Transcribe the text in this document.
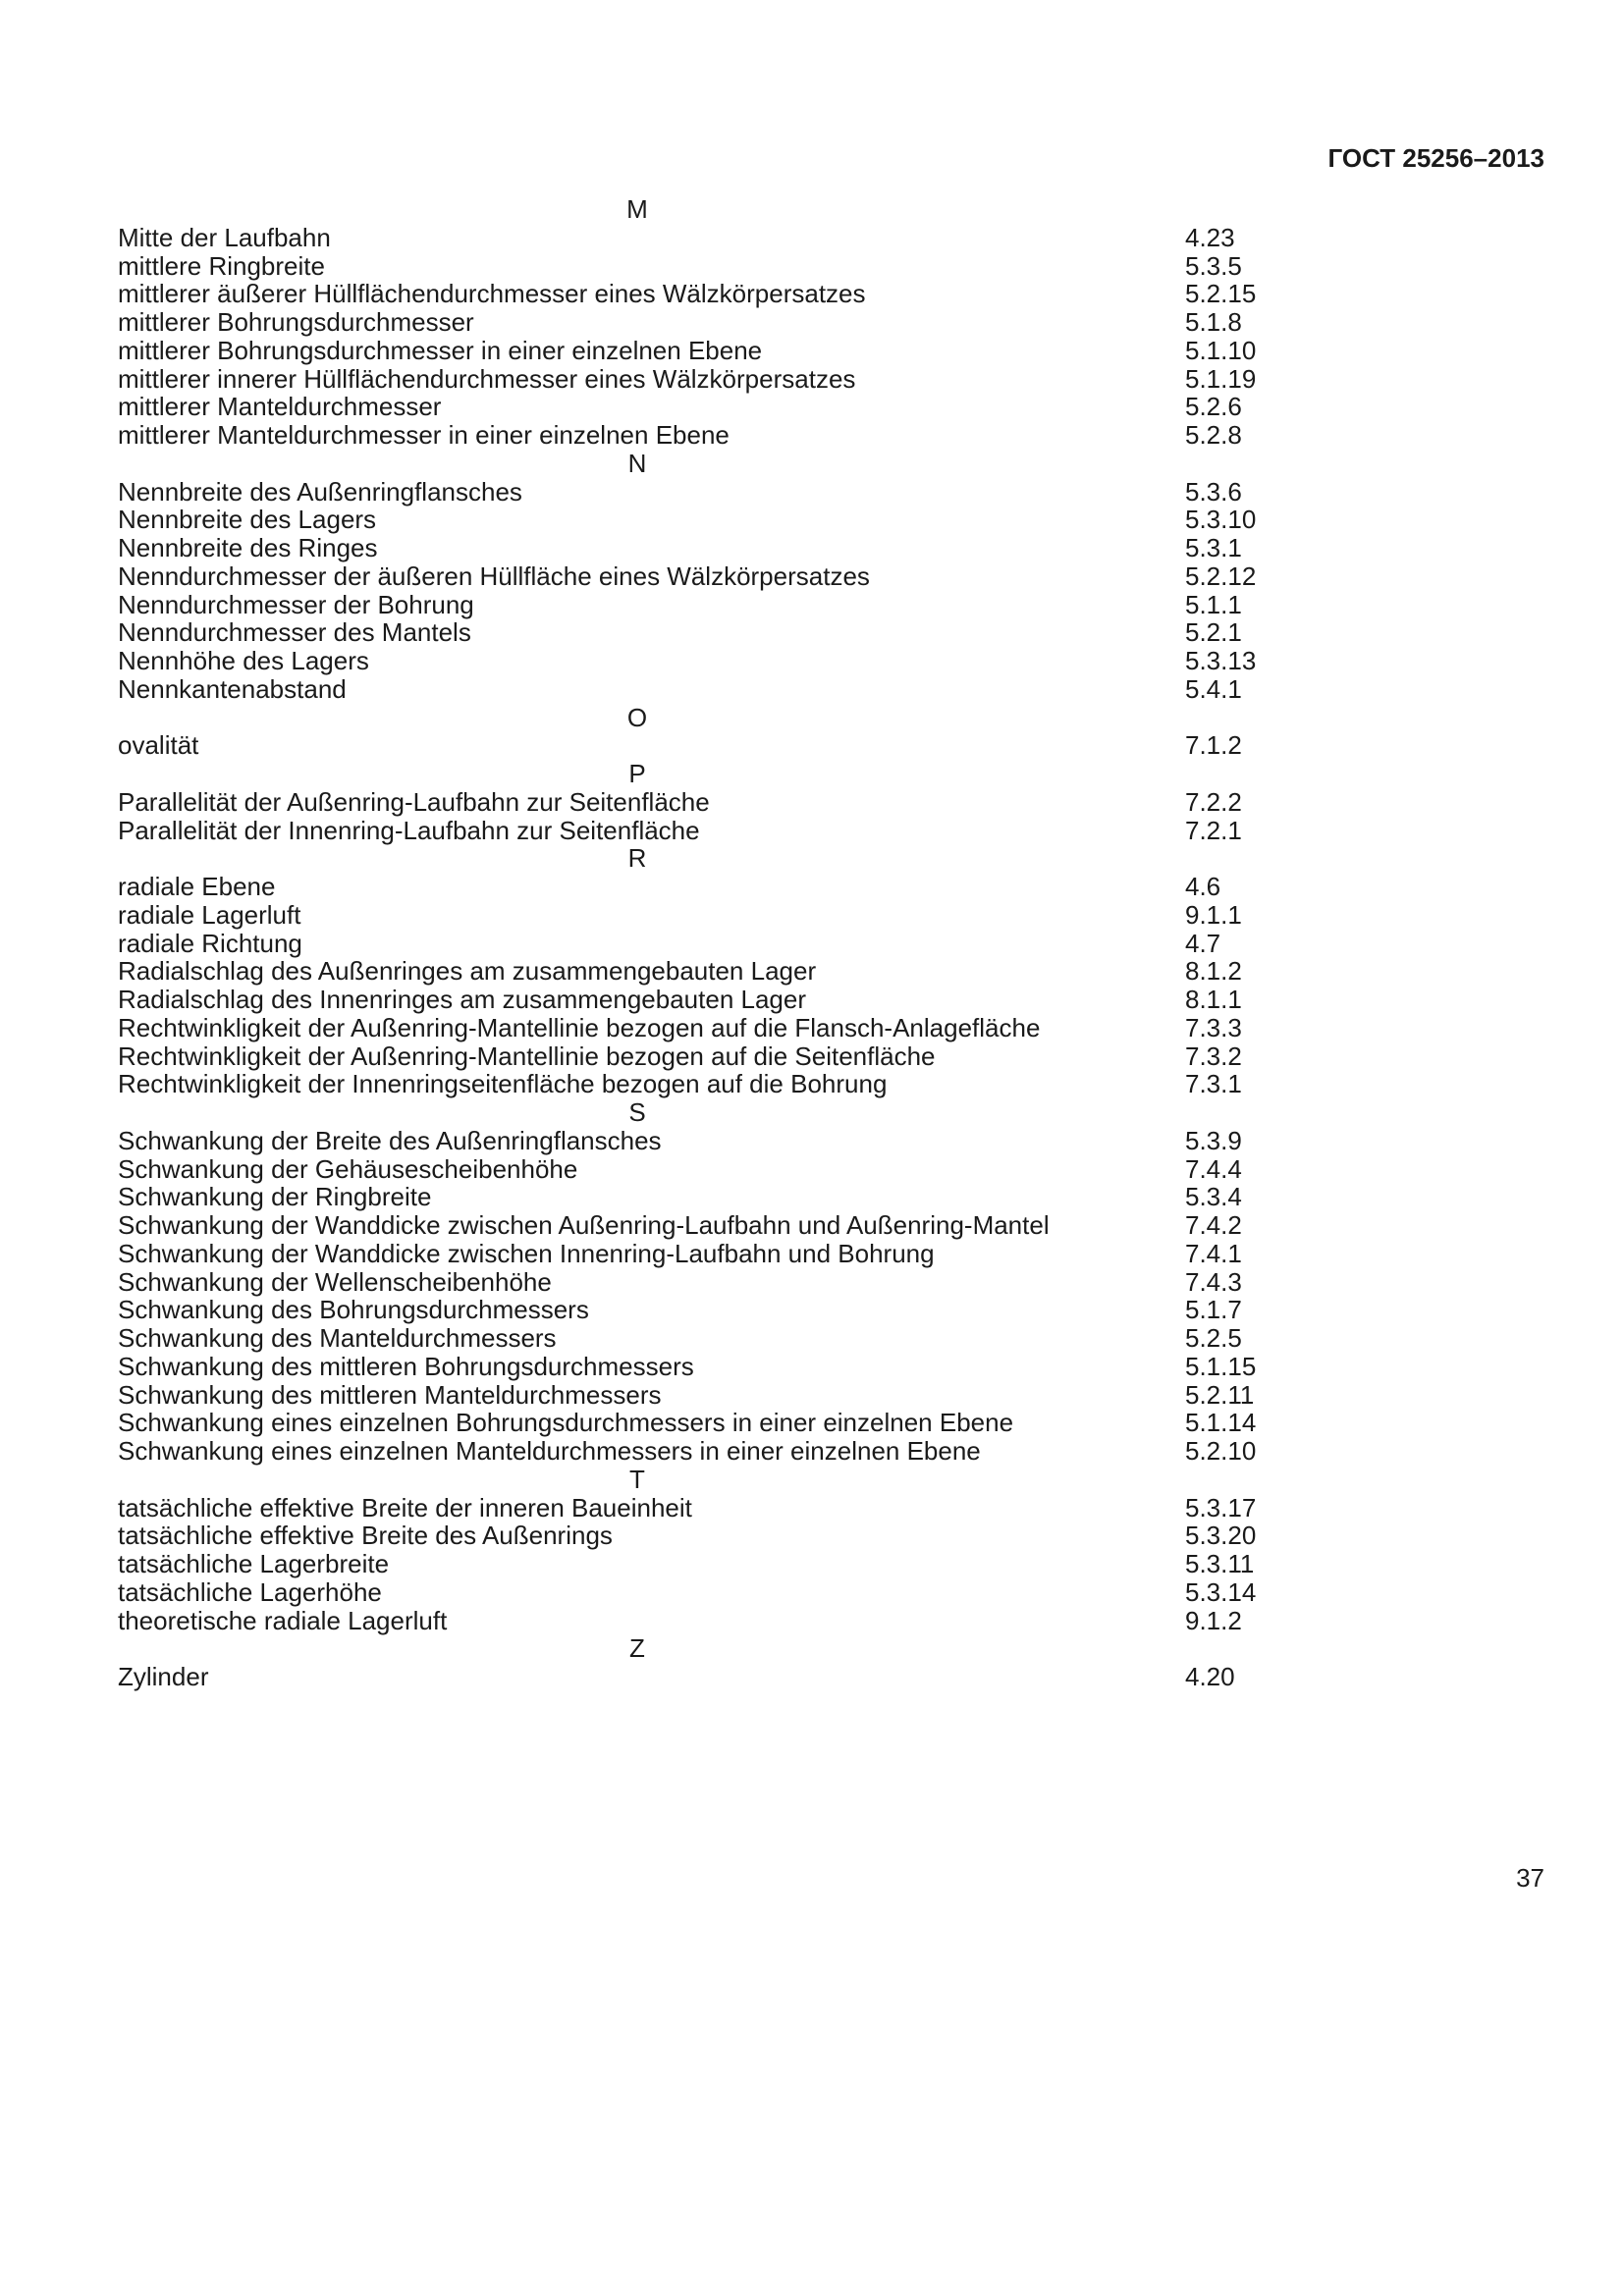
ГОСТ 25256–2013
M
Mitte der Laufbahn	4.23
mittlere Ringbreite	5.3.5
mittlerer äußerer Hüllflächendurchmesser eines Wälzkörpersatzes	5.2.15
mittlerer Bohrungsdurchmesser	5.1.8
mittlerer Bohrungsdurchmesser in einer einzelnen Ebene	5.1.10
mittlerer innerer Hüllflächendurchmesser eines Wälzkörpersatzes	5.1.19
mittlerer Manteldurchmesser	5.2.6
mittlerer Manteldurchmesser in einer einzelnen Ebene	5.2.8
N
Nennbreite des Außenringflansches	5.3.6
Nennbreite des Lagers	5.3.10
Nennbreite des Ringes	5.3.1
Nenndurchmesser der äußeren Hüllfläche eines Wälzkörpersatzes	5.2.12
Nenndurchmesser der Bohrung	5.1.1
Nenndurchmesser des Mantels	5.2.1
Nennhöhe des Lagers	5.3.13
Nennkantenabstand	5.4.1
O
ovalität	7.1.2
P
Parallelität der Außenring-Laufbahn zur Seitenfläche	7.2.2
Parallelität der Innenring-Laufbahn zur Seitenfläche	7.2.1
R
radiale Ebene	4.6
radiale Lagerluft	9.1.1
radiale Richtung	4.7
Radialschlag des Außenringes am zusammengebauten Lager	8.1.2
Radialschlag des Innenringes am zusammengebauten Lager	8.1.1
Rechtwinkligkeit der Außenring-Mantellinie bezogen auf die Flansch-Anlagefläche	7.3.3
Rechtwinkligkeit der Außenring-Mantellinie bezogen auf die Seitenfläche	7.3.2
Rechtwinkligkeit der Innenringseitenfläche bezogen auf die Bohrung	7.3.1
S
Schwankung der Breite des Außenringflansches	5.3.9
Schwankung der Gehäusescheibenhöhe	7.4.4
Schwankung der Ringbreite	5.3.4
Schwankung der Wanddicke zwischen Außenring-Laufbahn und Außenring-Mantel	7.4.2
Schwankung der Wanddicke zwischen Innenring-Laufbahn und Bohrung	7.4.1
Schwankung der Wellenscheibenhöhe	7.4.3
Schwankung des Bohrungsdurchmessers	5.1.7
Schwankung des Manteldurchmessers	5.2.5
Schwankung des mittleren Bohrungsdurchmessers	5.1.15
Schwankung des mittleren Manteldurchmessers	5.2.11
Schwankung eines einzelnen Bohrungsdurchmessers in einer einzelnen Ebene	5.1.14
Schwankung eines einzelnen Manteldurchmessers in einer einzelnen Ebene	5.2.10
T
tatsächliche effektive Breite der inneren Baueinheit	5.3.17
tatsächliche effektive Breite des Außenrings	5.3.20
tatsächliche Lagerbreite	5.3.11
tatsächliche Lagerhöhe	5.3.14
theoretische radiale Lagerluft	9.1.2
Z
Zylinder	4.20
37
